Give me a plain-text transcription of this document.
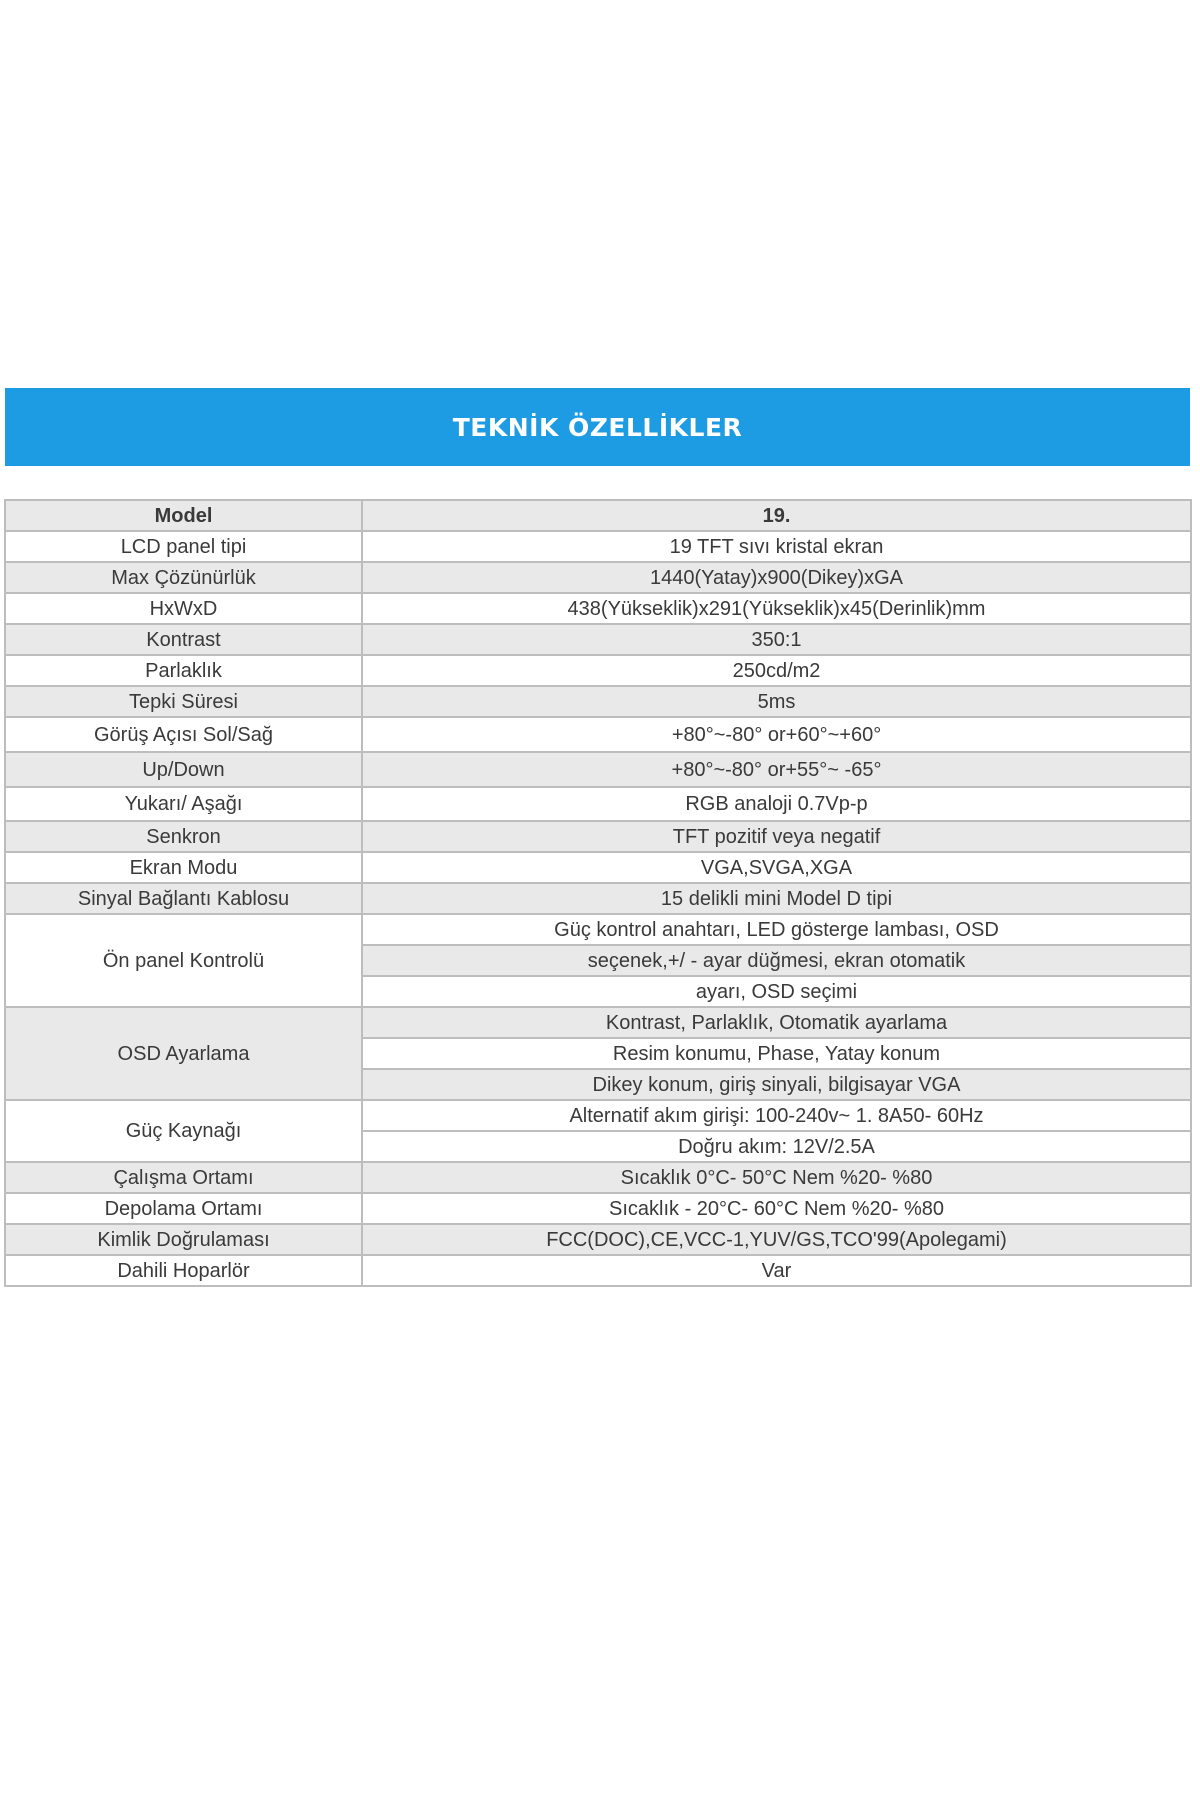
TEKNİK ÖZELLİKLER
Model	19.
LCD panel tipi	19 TFT sıvı kristal ekran
Max Çözünürlük	1440(Yatay)x900(Dikey)xGA
HxWxD	438(Yükseklik)x291(Yükseklik)x45(Derinlik)mm
Kontrast	350:1
Parlaklık	250cd/m2
Tepki Süresi	5ms
Görüş Açısı Sol/Sağ	+80°~-80° or+60°~+60°
Up/Down	+80°~-80° or+55°~ -65°
Yukarı/ Aşağı	RGB analoji 0.7Vp-p
Senkron	TFT pozitif veya negatif
Ekran Modu	VGA,SVGA,XGA
Sinyal Bağlantı Kablosu	15 delikli mini Model D tipi
Ön panel Kontrolü	Güç kontrol anahtarı, LED gösterge lambası, OSD
	seçenek,+/ - ayar düğmesi, ekran otomatik
	ayarı, OSD seçimi
OSD Ayarlama	Kontrast, Parlaklık, Otomatik ayarlama
	Resim konumu, Phase, Yatay konum
	Dikey konum, giriş sinyali, bilgisayar VGA
Güç Kaynağı	Alternatif akım girişi: 100-240v~ 1. 8A50- 60Hz
	Doğru akım: 12V/2.5A
Çalışma Ortamı	Sıcaklık 0°C- 50°C Nem %20- %80
Depolama Ortamı	Sıcaklık - 20°C- 60°C Nem %20- %80
Kimlik Doğrulaması	FCC(DOC),CE,VCC-1,YUV/GS,TCO'99(Apolegami)
Dahili Hoparlör	Var
